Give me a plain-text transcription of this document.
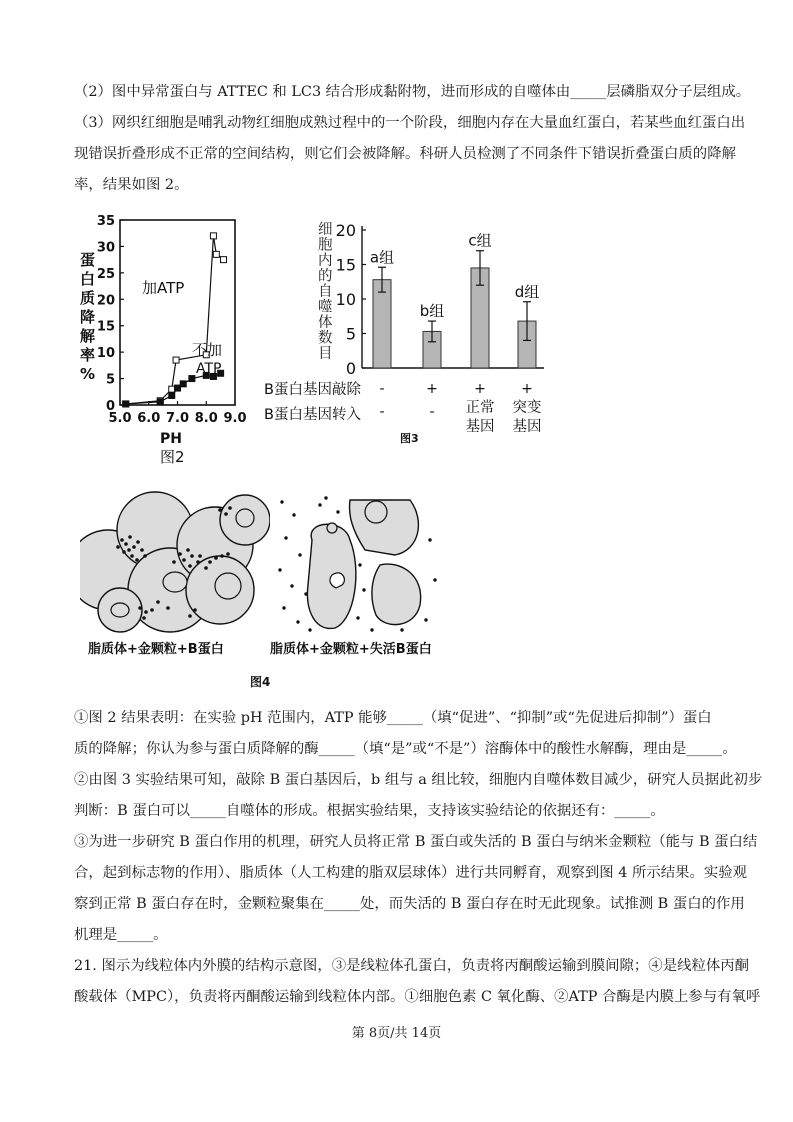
（2）图中异常蛋白与 ATTEC 和 LC3 结合形成黏附物，进而形成的自噬体由_____层磷脂双分子层组成。
（3）网织红细胞是哺乳动物红细胞成熟过程中的一个阶段，细胞内存在大量血红蛋白，若某些血红蛋白出
现错误折叠形成不正常的空间结构，则它们会被降解。科研人员检测了不同条件下错误折叠蛋白质的降解
率，结果如图 2。
0
5
10
15
20
25
30
35
5.0 6.0 7.0 8.0 9.0
加ATP
不加
ATP
PH
图2
蛋
白
质
降
解
率
%	0
5
10
15
20
a组
b组
c组
d组
B蛋白基因敲除
B蛋白基因转入
-	+	+	+
-	- 正常
基因
突变
基因
图3
细
胞
内
的
自
噬
体
数
目
脂质体+金颗粒+B蛋白	脂质体+金颗粒+失活B蛋白
图4
①图 2 结果表明：在实验 pH 范围内，ATP 能够_____（填“促进”、“抑制”或“先促进后抑制”）蛋白
质的降解；你认为参与蛋白质降解的酶_____（填“是”或“不是”）溶酶体中的酸性水解酶，理由是_____。
②由图 3 实验结果可知，敲除 B 蛋白基因后，b 组与 a 组比较，细胞内自噬体数目减少，研究人员据此初步
判断：B 蛋白可以_____自噬体的形成。根据实验结果，支持该实验结论的依据还有：_____。
③为进一步研究 B 蛋白作用的机理，研究人员将正常 B 蛋白或失活的 B 蛋白与纳米金颗粒（能与 B 蛋白结
合，起到标志物的作用）、脂质体（人工构建的脂双层球体）进行共同孵育，观察到图 4 所示结果。实验观
察到正常 B 蛋白存在时，金颗粒聚集在_____处，而失活的 B 蛋白存在时无此现象。试推测 B 蛋白的作用
机理是_____。
21. 图示为线粒体内外膜的结构示意图，③是线粒体孔蛋白，负责将丙酮酸运输到膜间隙；④是线粒体丙酮
酸载体（MPC），负责将丙酮酸运输到线粒体内部。①细胞色素 C 氧化酶、②ATP 合酶是内膜上参与有氧呼
第 8页/共 14页
